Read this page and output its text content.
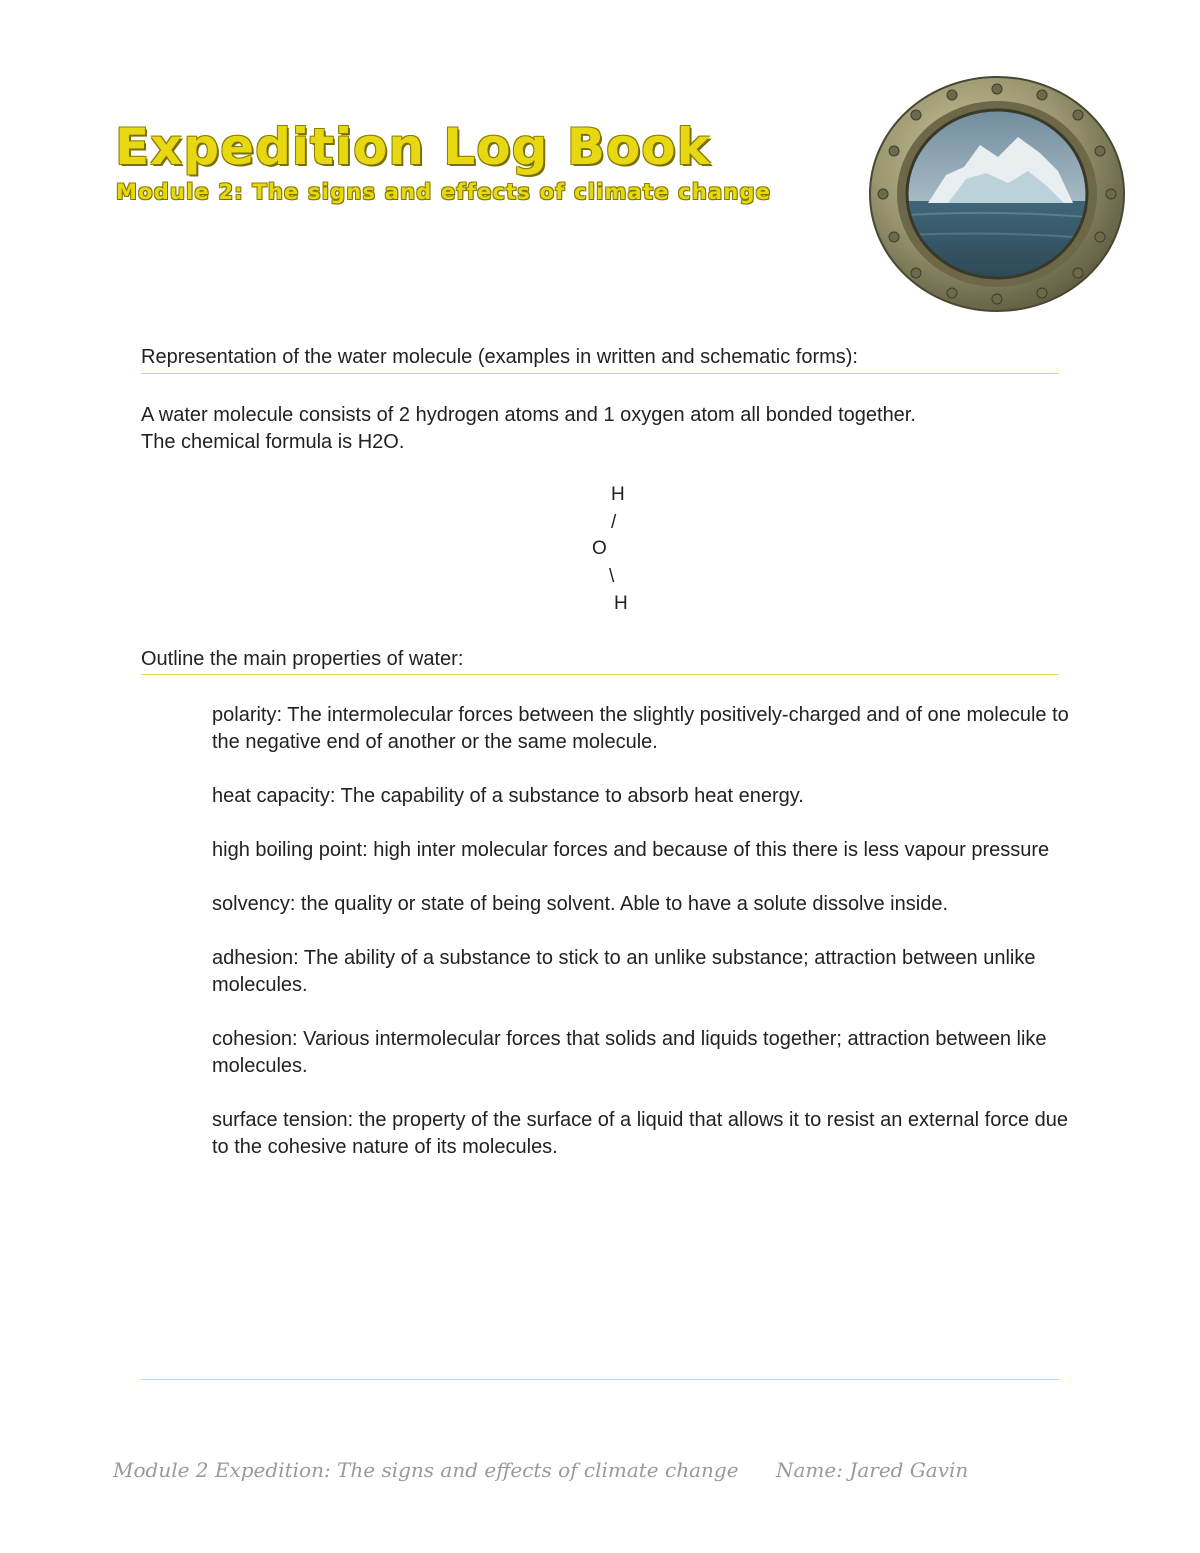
Expedition Log Book
Module 2: The signs and effects of climate change
Representation of the water molecule (examples in written and schematic forms):

A water molecule consists of 2 hydrogen atoms and 1 oxygen atom all bonded together.

The chemical formula is H2O.

H
/
O
\
H
Outline the main properties of water:
polarity: The intermolecular forces between the slightly positively-charged and of one molecule to the negative end of another or the same molecule.
heat capacity: The capability of a substance to absorb heat energy.
high boiling point: high inter molecular forces and because of this there is less vapour pressure
solvency: the quality or state of being solvent. Able to have a solute dissolve inside.
adhesion: The ability of a substance to stick to an unlike substance; attraction between unlike molecules.
cohesion: Various intermolecular forces that solids and liquids together; attraction between like molecules.
surface tension: the property of the surface of a liquid that allows it to resist an external force due to the cohesive nature of its molecules.
Module 2 Expedition: The signs and effects of climate change Name: Jared Gavin
